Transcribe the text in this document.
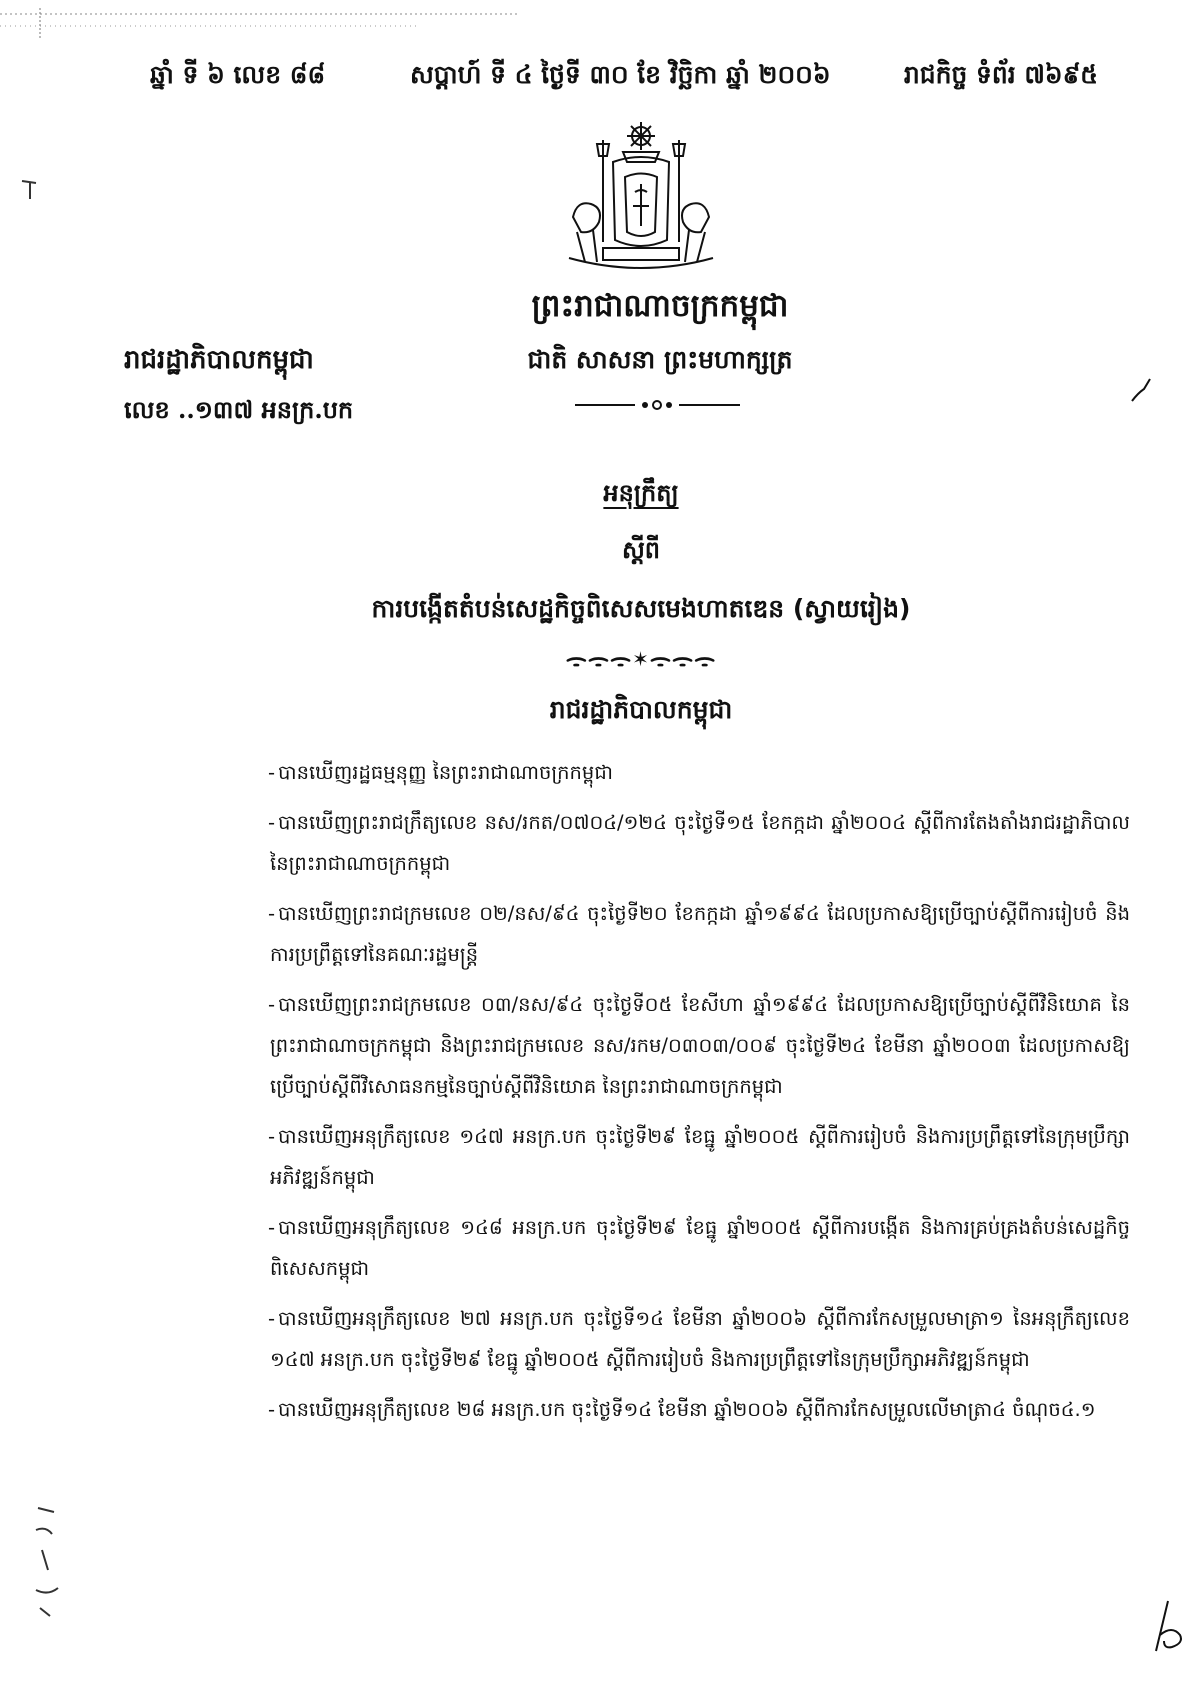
ឆ្នាំ ទី ៦ លេខ ៨៨	សប្តាហ៍ ទី ៤ ថ្ងៃទី ៣០ ខែ វិច្ឆិកា ឆ្នាំ ២០០៦	រាជកិច្ច ទំព័រ ៧៦៩៥
ព្រះរាជាណាចក្រកម្ពុជា
ជាតិ សាសនា ព្រះមហាក្សត្រ
រាជរដ្ឋាភិបាលកម្ពុជា
លេខ ..១៣៧ អនក្រ.បក
អនុក្រឹត្យ
ស្តីពី
ការបង្កើតតំបន់សេដ្ឋកិច្ចពិសេសមេងហាតឌេន (ស្វាយរៀង)
ᯙᯙᯙ✶ᯙᯙᯙ
រាជរដ្ឋាភិបាលកម្ពុជា
- បានឃើញរដ្ឋធម្មនុញ្ញ នៃព្រះរាជាណាចក្រកម្ពុជា
- បានឃើញព្រះរាជក្រឹត្យលេខ នស/រកត/០៧០៤/១២៤ ចុះថ្ងៃទី១៥ ខែកក្កដា ឆ្នាំ២០០៤ ស្តីពីការតែងតាំងរាជរដ្ឋាភិបាល នៃព្រះរាជាណាចក្រកម្ពុជា
- បានឃើញព្រះរាជក្រមលេខ ០២/នស/៩៤ ចុះថ្ងៃទី២០ ខែកក្កដា ឆ្នាំ១៩៩៤ ដែលប្រកាសឱ្យប្រើច្បាប់ស្តីពីការរៀបចំ និងការប្រព្រឹត្តទៅនៃគណៈរដ្ឋមន្ត្រី
- បានឃើញព្រះរាជក្រមលេខ ០៣/នស/៩៤ ចុះថ្ងៃទី០៥ ខែសីហា ឆ្នាំ១៩៩៤ ដែលប្រកាសឱ្យប្រើច្បាប់ស្តីពីវិនិយោគ នៃព្រះរាជាណាចក្រកម្ពុជា និងព្រះរាជក្រមលេខ នស/រកម/០៣០៣/០០៩ ចុះថ្ងៃទី២៤ ខែមីនា ឆ្នាំ២០០៣ ដែលប្រកាសឱ្យប្រើច្បាប់ស្តីពីវិសោធនកម្មនៃច្បាប់ស្តីពីវិនិយោគ នៃព្រះរាជាណាចក្រកម្ពុជា
- បានឃើញអនុក្រឹត្យលេខ ១៤៧ អនក្រ.បក ចុះថ្ងៃទី២៩ ខែធ្នូ ឆ្នាំ២០០៥ ស្តីពីការរៀបចំ និងការប្រព្រឹត្តទៅនៃក្រុមប្រឹក្សាអភិវឌ្ឍន៍កម្ពុជា
- បានឃើញអនុក្រឹត្យលេខ ១៤៨ អនក្រ.បក ចុះថ្ងៃទី២៩ ខែធ្នូ ឆ្នាំ២០០៥ ស្តីពីការបង្កើត និងការគ្រប់គ្រងតំបន់សេដ្ឋកិច្ចពិសេសកម្ពុជា
- បានឃើញអនុក្រឹត្យលេខ ២៧ អនក្រ.បក ចុះថ្ងៃទី១៤ ខែមីនា ឆ្នាំ២០០៦ ស្តីពីការកែសម្រួលមាត្រា១ នៃអនុក្រឹត្យលេខ ១៤៧ អនក្រ.បក ចុះថ្ងៃទី២៩ ខែធ្នូ ឆ្នាំ២០០៥ ស្តីពីការរៀបចំ និងការប្រព្រឹត្តទៅនៃក្រុមប្រឹក្សាអភិវឌ្ឍន៍កម្ពុជា
- បានឃើញអនុក្រឹត្យលេខ ២៨ អនក្រ.បក ចុះថ្ងៃទី១៤ ខែមីនា ឆ្នាំ២០០៦ ស្តីពីការកែសម្រួលលើមាត្រា៤ ចំណុច៤.១
